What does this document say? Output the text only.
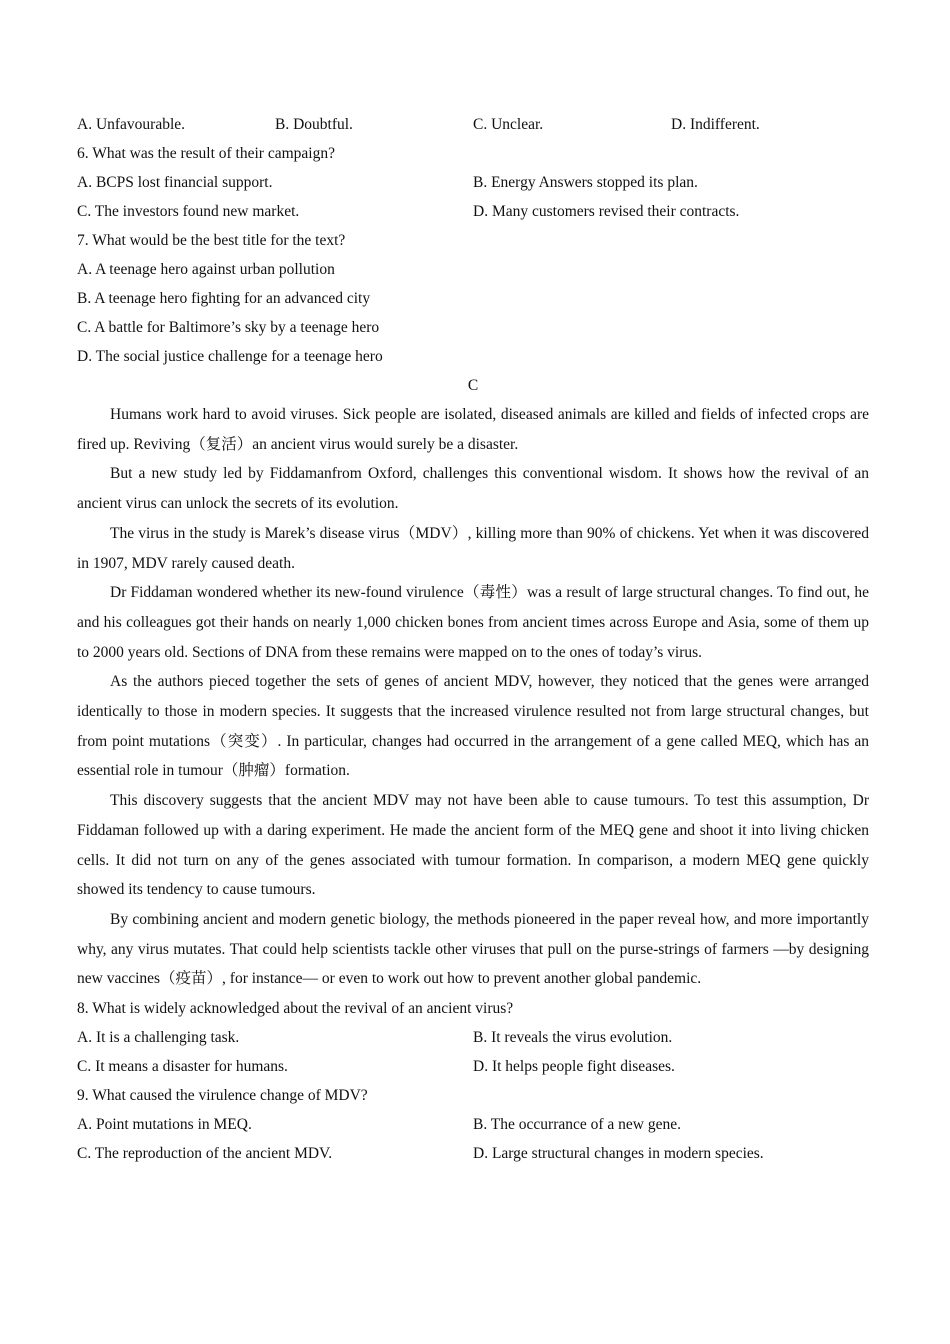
A. Unfavourable.	B. Doubtful.	C. Unclear.	D. Indifferent.
6. What was the result of their campaign?
A. BCPS lost financial support.	B. Energy Answers stopped its plan.
C. The investors found new market.	D. Many customers revised their contracts.
7. What would be the best title for the text?
A. A teenage hero against urban pollution
B. A teenage hero fighting for an advanced city
C. A battle for Baltimore’s sky by a teenage hero
D. The social justice challenge for a teenage hero
C

Humans work hard to avoid viruses. Sick people are isolated, diseased animals are killed and fields of infected crops are fired up. Reviving（复活）an ancient virus would surely be a disaster.

But a new study led by Fiddamanfrom Oxford, challenges this conventional wisdom. It shows how the revival of an ancient virus can unlock the secrets of its evolution.

The virus in the study is Marek’s disease virus（MDV）, killing more than 90% of chickens. Yet when it was discovered in 1907, MDV rarely caused death.

Dr Fiddaman wondered whether its new-found virulence（毒性）was a result of large structural changes. To find out, he and his colleagues got their hands on nearly 1,000 chicken bones from ancient times across Europe and Asia, some of them up to 2000 years old. Sections of DNA from these remains were mapped on to the ones of today’s virus.

As the authors pieced together the sets of genes of ancient MDV, however, they noticed that the genes were arranged identically to those in modern species. It suggests that the increased virulence resulted not from large structural changes, but from point mutations（突变）. In particular, changes had occurred in the arrangement of a gene called MEQ, which has an essential role in tumour（肿瘤）formation.

This discovery suggests that the ancient MDV may not have been able to cause tumours. To test this assumption, Dr Fiddaman followed up with a daring experiment. He made the ancient form of the MEQ gene and shoot it into living chicken cells. It did not turn on any of the genes associated with tumour formation. In comparison, a modern MEQ gene quickly showed its tendency to cause tumours.

By combining ancient and modern genetic biology, the methods pioneered in the paper reveal how, and more importantly why, any virus mutates. That could help scientists tackle other viruses that pull on the purse-strings of farmers —by designing new vaccines（疫苗）, for instance— or even to work out how to prevent another global pandemic.

8. What is widely acknowledged about the revival of an ancient virus?
A. It is a challenging task.	B. It reveals the virus evolution.
C. It means a disaster for humans.	D. It helps people fight diseases.
9. What caused the virulence change of MDV?
A. Point mutations in MEQ.	B. The occurrance of a new gene.
C. The reproduction of the ancient MDV.	D. Large structural changes in modern species.
